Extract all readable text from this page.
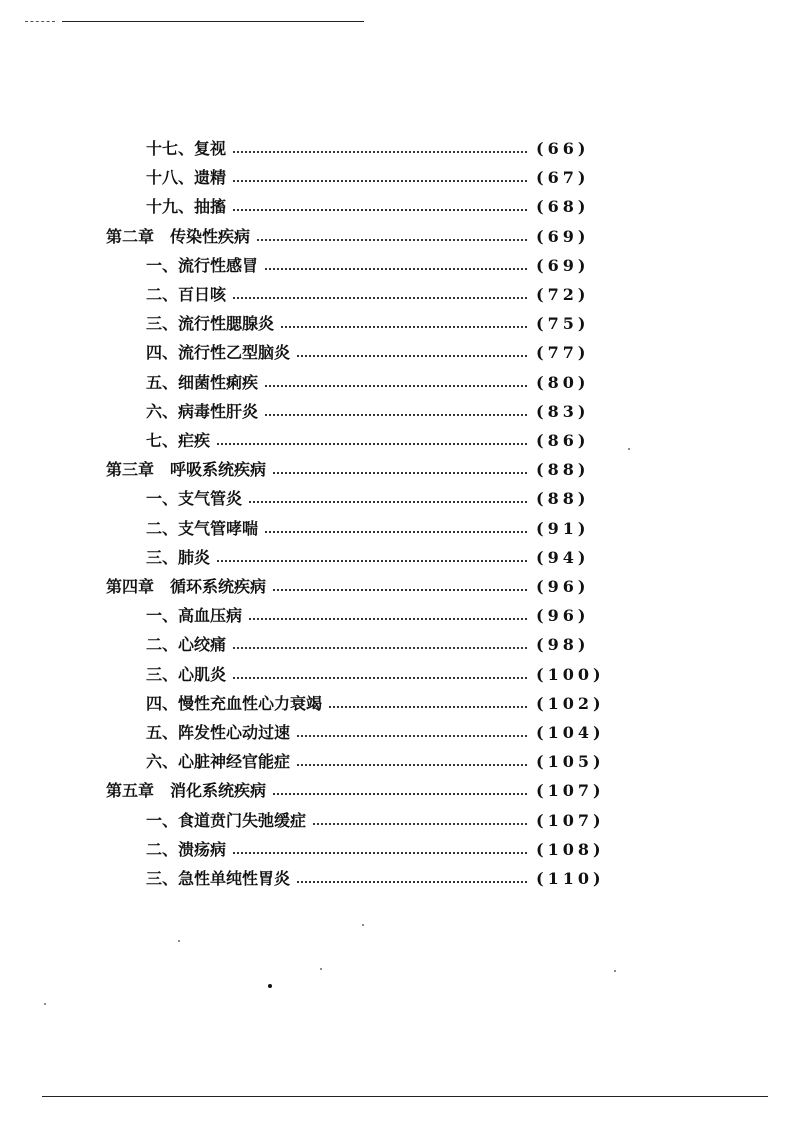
十七、复视	(66)
十八、遗精	(67)
十九、抽搐	(68)
第二章　传染性疾病	(69)
一、流行性感冒	(69)
二、百日咳	(72)
三、流行性腮腺炎	(75)
四、流行性乙型脑炎	(77)
五、细菌性痢疾	(80)
六、病毒性肝炎	(83)
七、疟疾	(86)
第三章　呼吸系统疾病	(88)
一、支气管炎	(88)
二、支气管哮喘	(91)
三、肺炎	(94)
第四章　循环系统疾病	(96)
一、高血压病	(96)
二、心绞痛	(98)
三、心肌炎	(100)
四、慢性充血性心力衰竭	(102)
五、阵发性心动过速	(104)
六、心脏神经官能症	(105)
第五章　消化系统疾病	(107)
一、食道贲门失弛缓症	(107)
二、溃疡病	(108)
三、急性单纯性胃炎	(110)
